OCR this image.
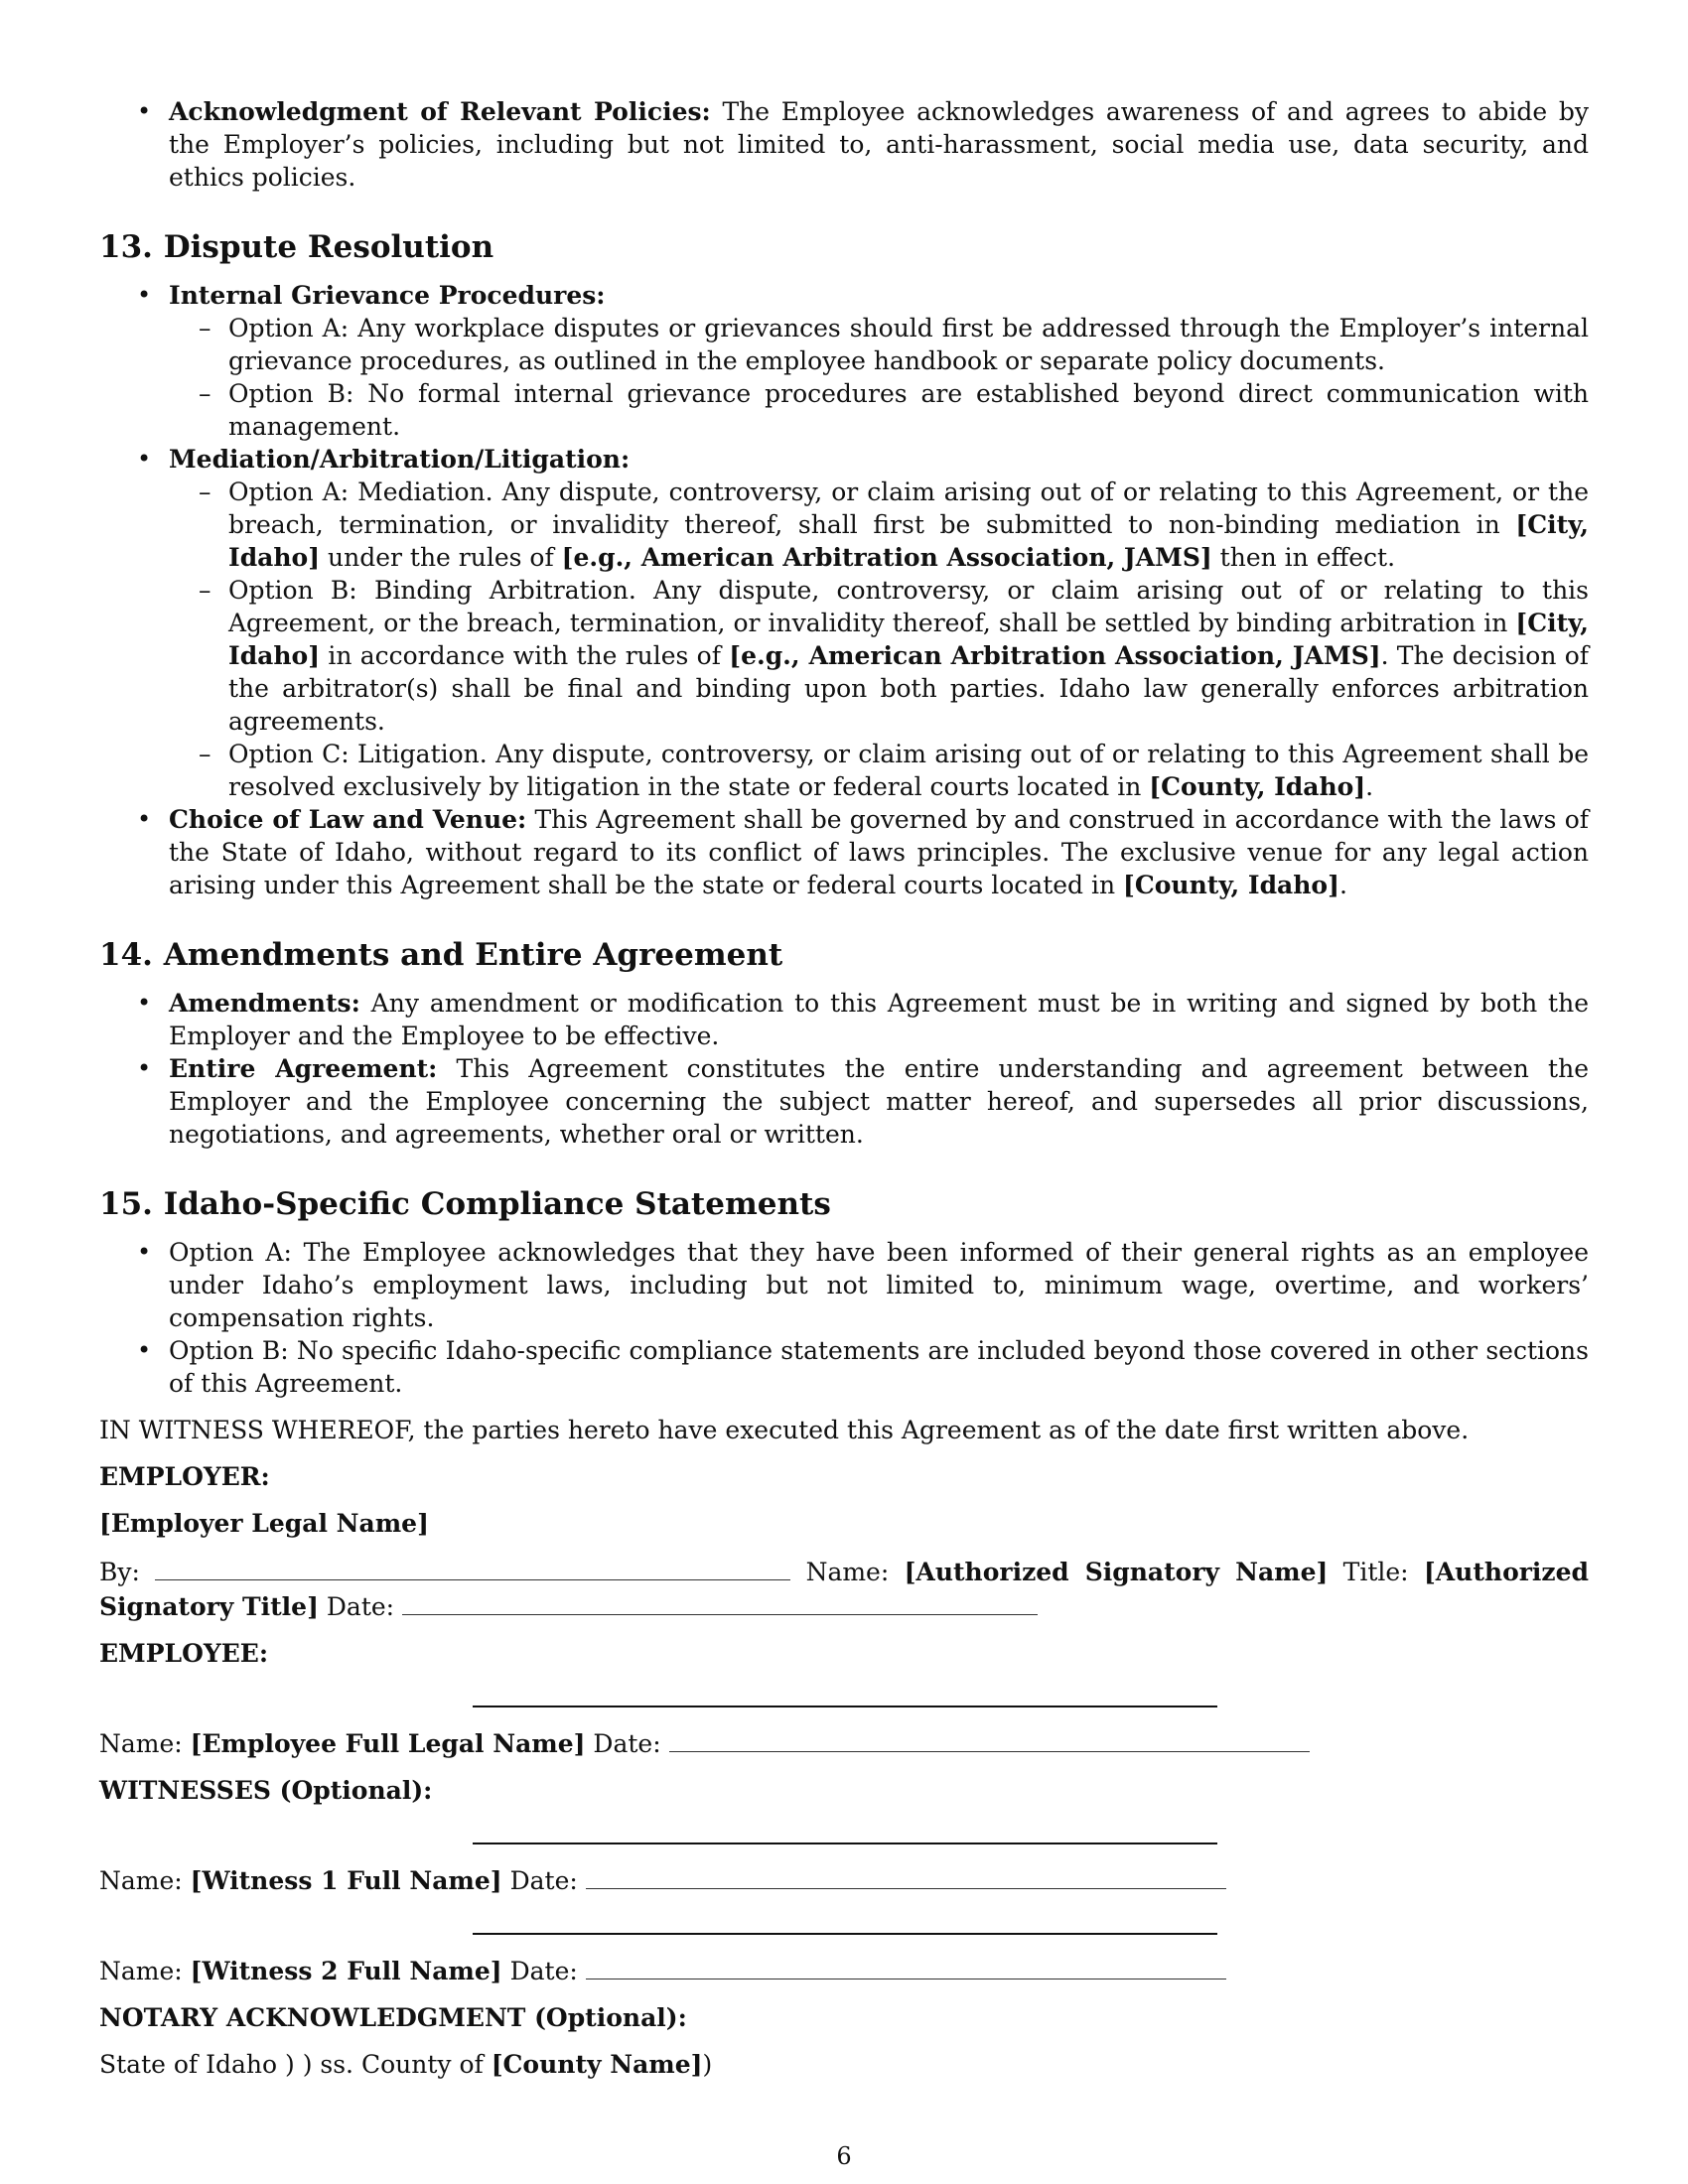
• Acknowledgment of Relevant Policies: The Employee acknowledges awareness of and agrees to abide by the Employer’s policies, including but not limited to, anti-harassment, social media use, data security, and ethics policies.
13. Dispute Resolution
• Internal Grievance Procedures:
– Option A: Any workplace disputes or grievances should first be addressed through the Employer’s internal grievance procedures, as outlined in the employee handbook or separate policy documents.
– Option B: No formal internal grievance procedures are established beyond direct communication with management.
• Mediation/Arbitration/Litigation:
– Option A: Mediation. Any dispute, controversy, or claim arising out of or relating to this Agreement, or the breach, termination, or invalidity thereof, shall first be submitted to non-binding mediation in [City, Idaho] under the rules of [e.g., American Arbitration Association, JAMS] then in effect.
– Option B: Binding Arbitration. Any dispute, controversy, or claim arising out of or relating to this Agreement, or the breach, termination, or invalidity thereof, shall be settled by binding arbitration in [City, Idaho] in accordance with the rules of [e.g., American Arbitration Association, JAMS]. The decision of the arbitrator(s) shall be final and binding upon both parties. Idaho law generally enforces arbitration agreements.
– Option C: Litigation. Any dispute, controversy, or claim arising out of or relating to this Agreement shall be resolved exclusively by litigation in the state or federal courts located in [County, Idaho].
• Choice of Law and Venue: This Agreement shall be governed by and construed in accordance with the laws of the State of Idaho, without regard to its conflict of laws principles. The exclusive venue for any legal action arising under this Agreement shall be the state or federal courts located in [County, Idaho].
14. Amendments and Entire Agreement
• Amendments: Any amendment or modification to this Agreement must be in writing and signed by both the Employer and the Employee to be effective.
• Entire Agreement: This Agreement constitutes the entire understanding and agreement between the Employer and the Employee concerning the subject matter hereof, and supersedes all prior discussions, negotiations, and agreements, whether oral or written.
15. Idaho-Specific Compliance Statements
• Option A: The Employee acknowledges that they have been informed of their general rights as an employee under Idaho’s employment laws, including but not limited to, minimum wage, overtime, and workers’ compensation rights.
• Option B: No specific Idaho-specific compliance statements are included beyond those covered in other sections of this Agreement.

IN WITNESS WHEREOF, the parties hereto have executed this Agreement as of the date first written above.

EMPLOYER:

[Employer Legal Name]

By:	Name: [Authorized Signatory Name] Title: [Authorized Signatory Title] Date:

EMPLOYEE:

Name: [Employee Full Legal Name] Date:

WITNESSES (Optional):

Name: [Witness 1 Full Name] Date:

Name: [Witness 2 Full Name] Date:

NOTARY ACKNOWLEDGMENT (Optional):

State of Idaho ) ) ss. County of [County Name])

6
